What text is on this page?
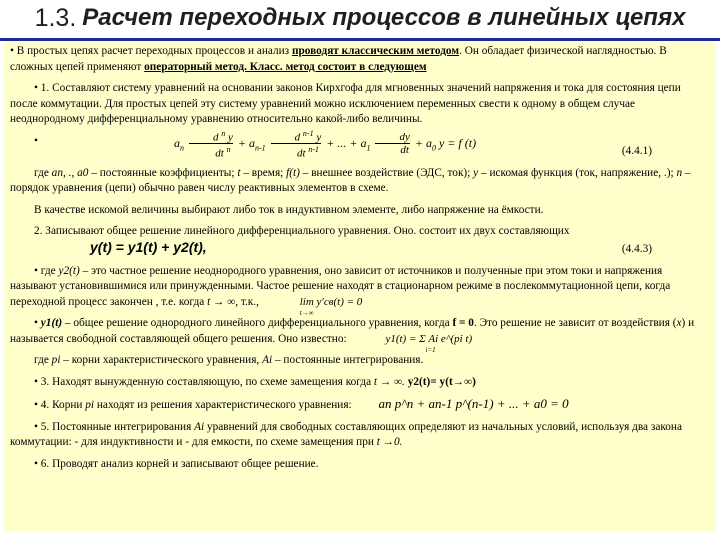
1.3. Расчет переходных процессов в линейных цепях

• В простых цепях расчет переходных процессов и анализ проводят классическим методом. Он обладает физической наглядностью. В сложных цепей применяют операторный метод. Класс. метод состоит в следующем

• 1. Составляют систему уравнений на основании законов Кирхгофа для мгновенных значений напряжения и тока для состояния цепи после коммутации. Для простых цепей эту систему уравнений можно исключением переменных свести к одному в общем случае неоднородному дифференциальному уравнению относительно какой-либо величины.

•	$a_n \frac{d ^n y}{dt ^n} + a_{n-1} \frac{d ^{n-1} y}{dt ^{n-1}}$ + ... + $a_1 \frac{dy}{dt} + a_0$ y = f (t)
(4.4.1)

где an, ., a0 – постоянные коэффициенты; t – время; f(t) – внешнее воздействие (ЭДС, ток); y – искомая функция (ток, напряжение, .); n – порядок уравнения (цепи) обычно равен числу реактивных элементов в схеме.

В качестве искомой величины выбирают либо ток в индуктивном элементе, либо напряжение на ёмкости.

2. Записывают общее решение линейного дифференциального уравнения. Оно. состоит их двух составляющих

y(t) = y1(t) + y2(t),	(4.4.3)

• где y2(t) – это частное решение неоднородного уравнения, оно зависит от источников и полученные при этом токи и напряжения называют установившимися или принужденными. Частое решение находят в стационарном режиме в послекоммутационной цепи, когда переходной процесс закончен , т.е. когда t → ∞, т.к.,	lim y′св(t) = 0
t→∞

• y1(t) – общее решение однородного линейного дифференциального уравнения, когда f = 0. Это решение не зависит от воздействия (x) и называется свободной составляющей общего решения. Оно известно:	y1(t) = Σ Ai e^(pi t)
i=1

где pi – корни характеристического уравнения, Ai – постоянные интегрирования.

• 3. Находят вынужденную составляющую, по схеме замещения когда t → ∞. y2(t)= y(t→∞)

• 4. Корни pi находят из решения характеристического уравнения: an p^n + an-1 p^(n-1) + ... + a0 = 0

• 5. Постоянные интегрирования Ai уравнений для свободных составляющих определяют из начальных условий, используя два закона коммутации: - для индуктивности и - для емкости, по схеме замещения при t →0.

• 6. Проводят анализ корней и записывают общее решение.
